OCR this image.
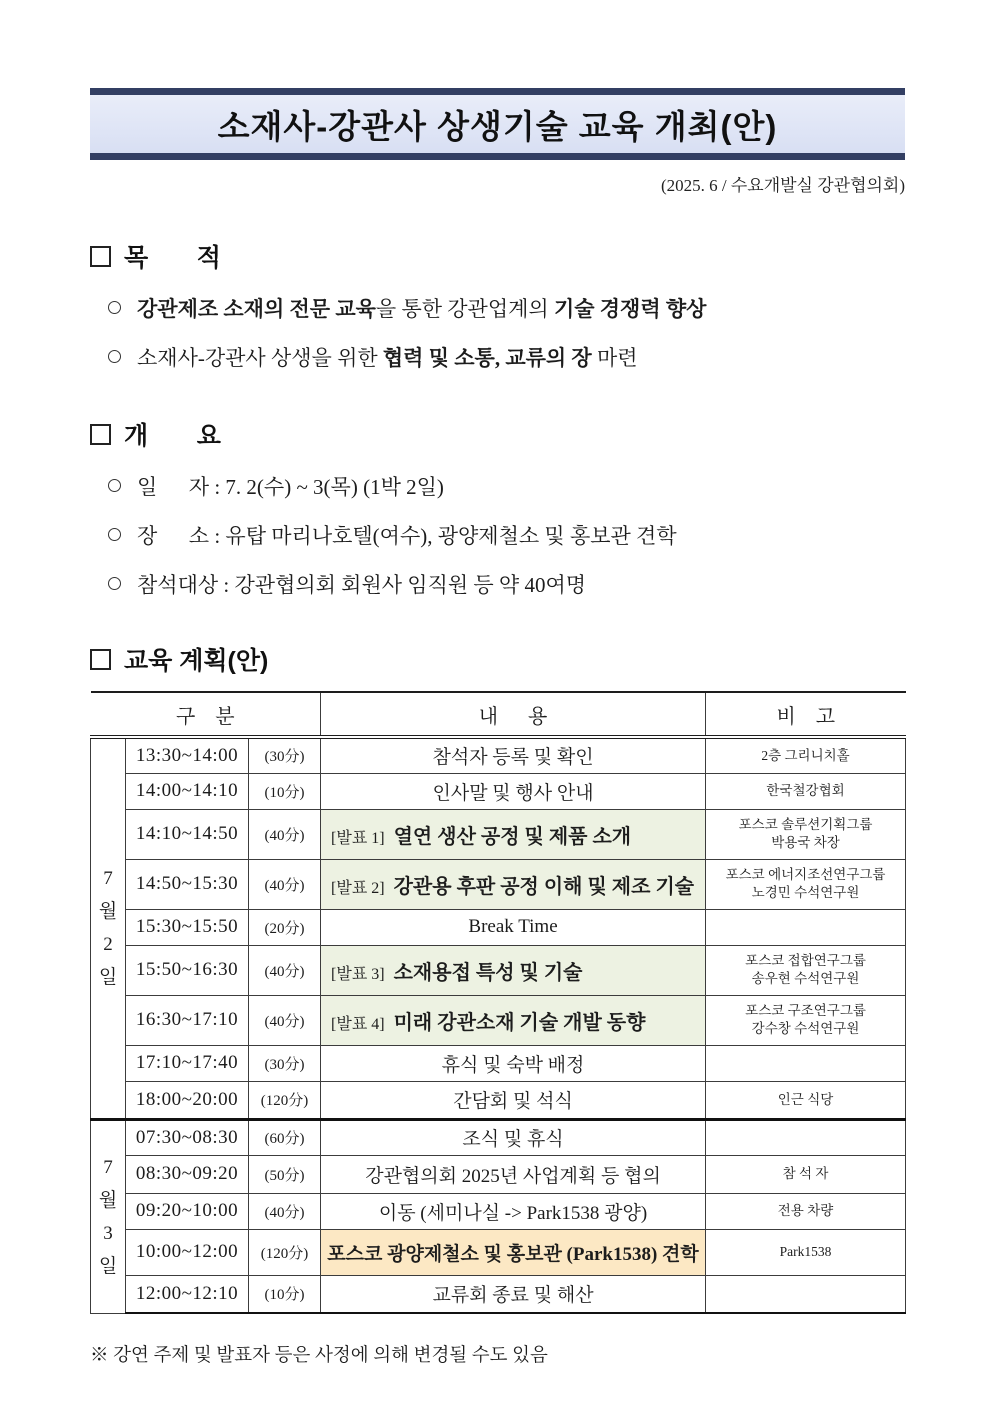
소재사-강관사 상생기술 교육 개최(안)
(2025. 6 / 수요개발실 강관협의회)
목       적
강관제조 소재의 전문 교육을 통한 강관업계의 기술 경쟁력 향상
소재사-강관사 상생을 위한 협력 및 소통, 교류의 장 마련
개       요
일      자 : 7. 2(수) ~ 3(목) (1박 2일)
장      소 : 유탑 마리나호텔(여수), 광양제철소 및 홍보관 견학
참석대상 : 강관협의회 회원사 임직원 등 약 40여명
교육 계획(안)
구    분			내      용	비    고

7
월
2
일	13:30~14:00	(30分)	참석자 등록 및 확인	2층 그리니치홀

	14:00~14:10	(10分)	인사말 및 행사 안내	한국철강협회

	14:10~14:50	(40分)	[발표 1] 열연 생산 공정 및 제품 소개	포스코 솔루션기획그룹
박용국 차장

	14:50~15:30	(40分)	[발표 2] 강관용 후판 공정 이해 및 제조 기술	포스코 에너지조선연구그룹
노경민 수석연구원

	15:30~15:50	(20分)	Break Time	
	15:50~16:30	(40分)	[발표 3] 소재용접 특성 및 기술	포스코 접합연구그룹
송우현 수석연구원

	16:30~17:10	(40分)	[발표 4] 미래 강관소재 기술 개발 동향	포스코 구조연구그룹
강수창 수석연구원

	17:10~17:40	(30分)	휴식 및 숙박 배정	
	18:00~20:00	(120分)	간담회 및 석식	인근 식당

7
월
3
일	07:30~08:30	(60分)	조식 및 휴식	
	08:30~09:20	(50分)	강관협의회 2025년 사업계획 등 협의	참 석 자

	09:20~10:00	(40分)	이동 (세미나실 -> Park1538 광양)	전용 차량

	10:00~12:00	(120分)	포스코 광양제철소 및 홍보관 (Park1538) 견학	Park1538

	12:00~12:10	(10分)	교류회 종료 및 해산	
※ 강연 주제 및 발표자 등은 사정에 의해 변경될 수도 있음
